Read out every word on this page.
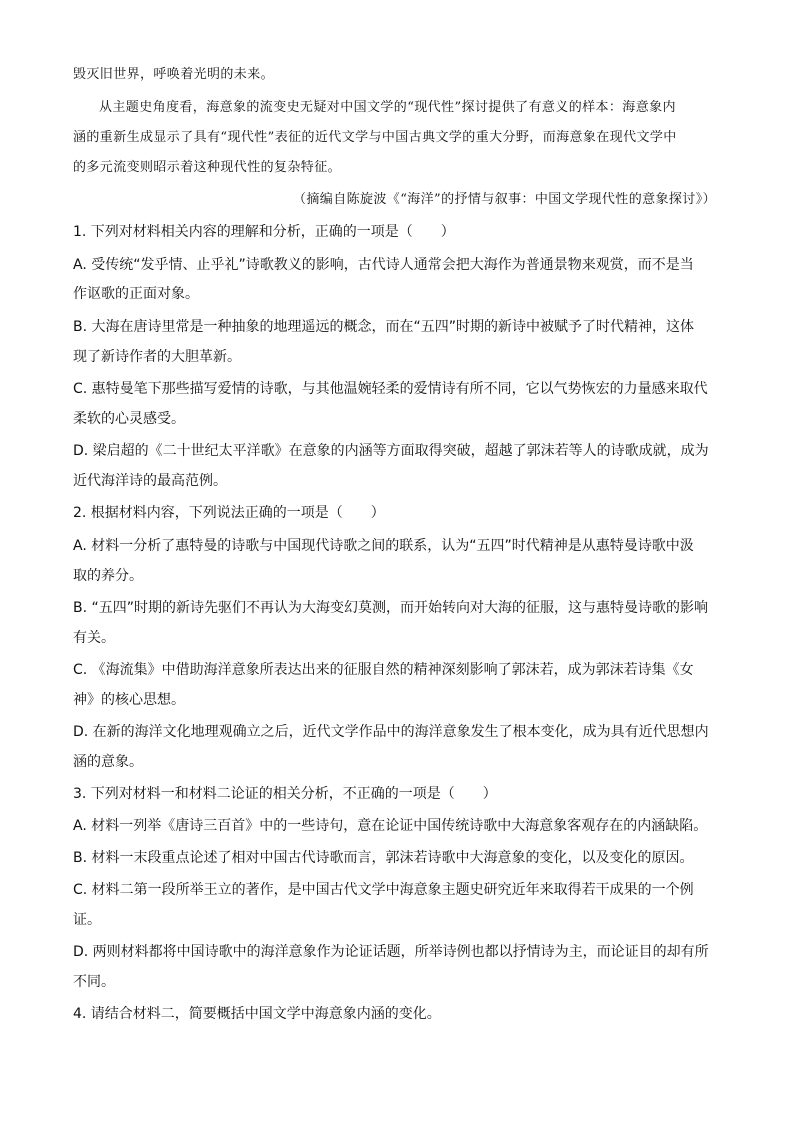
毁灭旧世界，呼唤着光明的未来。
从主题史角度看，海意象的流变史无疑对中国文学的“现代性”探讨提供了有意义的样本：海意象内
涵的重新生成显示了具有“现代性”表征的近代文学与中国古典文学的重大分野，而海意象在现代文学中
的多元流变则昭示着这种现代性的复杂特征。
（摘编自陈旋波《“海洋”的抒情与叙事：中国文学现代性的意象探讨》）
1. 下列对材料相关内容的理解和分析，正确的一项是（　　）
A. 受传统“发乎情、止乎礼”诗歌教义的影响，古代诗人通常会把大海作为普通景物来观赏，而不是当
作讴歌的正面对象。
B. 大海在唐诗里常是一种抽象的地理遥远的概念，而在“五四”时期的新诗中被赋予了时代精神，这体
现了新诗作者的大胆革新。
C. 惠特曼笔下那些描写爱情的诗歌，与其他温婉轻柔的爱情诗有所不同，它以气势恢宏的力量感来取代
柔软的心灵感受。
D. 梁启超的《二十世纪太平洋歌》在意象的内涵等方面取得突破，超越了郭沫若等人的诗歌成就，成为
近代海洋诗的最高范例。
2. 根据材料内容，下列说法正确的一项是（　　）
A. 材料一分析了惠特曼的诗歌与中国现代诗歌之间的联系，认为“五四”时代精神是从惠特曼诗歌中汲
取的养分。
B. “五四”时期的新诗先驱们不再认为大海变幻莫测，而开始转向对大海的征服，这与惠特曼诗歌的影响
有关。
C. 《海流集》中借助海洋意象所表达出来的征服自然的精神深刻影响了郭沫若，成为郭沫若诗集《女
神》的核心思想。
D. 在新的海洋文化地理观确立之后，近代文学作品中的海洋意象发生了根本变化，成为具有近代思想内
涵的意象。
3. 下列对材料一和材料二论证的相关分析，不正确的一项是（　　）
A. 材料一列举《唐诗三百首》中的一些诗句，意在论证中国传统诗歌中大海意象客观存在的内涵缺陷。
B. 材料一末段重点论述了相对中国古代诗歌而言，郭沫若诗歌中大海意象的变化，以及变化的原因。
C. 材料二第一段所举王立的著作，是中国古代文学中海意象主题史研究近年来取得若干成果的一个例
证。
D. 两则材料都将中国诗歌中的海洋意象作为论证话题，所举诗例也都以抒情诗为主，而论证目的却有所
不同。
4. 请结合材料二，简要概括中国文学中海意象内涵的变化。
